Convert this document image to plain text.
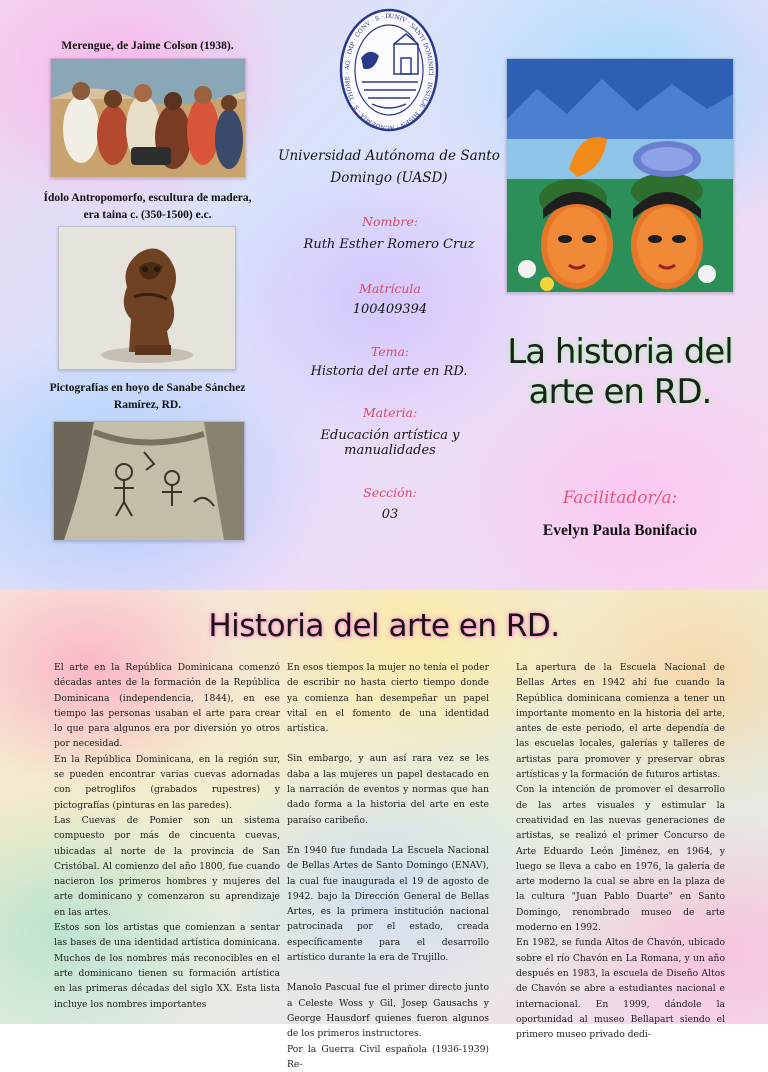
Merengue, de Jaime Colson (1938).
Ídolo Antropomorfo, escultura de madera, era taina c. (350-1500) e.c.
Pictografías en hoyo de Sanabe Sánchez Ramírez, RD.
UNIV · SANTI DOMINICI · INSULÆ · HISPN · ACADEMIA · S · THOME · AQ · IMP · CONV · S · D
Universidad Autónoma de Santo Domingo (UASD)
Nombre:
Ruth Esther Romero Cruz
Matrícula
100409394
Tema:
Historia del arte en RD.
Materia:
Educación artística y manualidades
Sección:
03
La historia del arte en RD.
Facilitador/a:
Evelyn Paula Bonifacio
Historia del arte en RD.

El arte en la República Dominicana comenzó décadas antes de la formación de la República Dominicana (independencia, 1844), en ese tiempo las personas usaban el arte para crear lo que para algunos era por diversión yo otros por necesidad.

En la República Dominicana, en la región sur, se pueden encontrar varias cuevas adornadas con petroglifos (grabados rupestres) y pictografías (pinturas en las paredes).

Las Cuevas de Pomier son un sistema compuesto por más de cincuenta cuevas, ubicadas al norte de la provincia de San Cristóbal. Al comienzo del año 1800, fue cuando nacieron los primeros hombres y mujeres del arte dominicano y comenzaron su aprendizaje en las artes.

Estos son los artistas que comienzan a sentar las bases de una identidad artística dominicana. Muchos de los nombres más reconocibles en el arte dominicano tienen su formación artística en las primeras décadas del siglo XX. Esta lista incluye los nombres importantes

En esos tiempos la mujer no tenía el poder de escribir no hasta cierto tiempo donde ya comienza han desempeñar un papel vital en el fomento de una identidad artística.

Sin embargo, y aun así rara vez se les daba a las mujeres un papel destacado en la narración de eventos y normas que han dado forma a la historia del arte en este paraíso caribeño.

En 1940 fue fundada La Escuela Nacional de Bellas Artes de Santo Domingo (ENAV), la cual fue inaugurada el 19 de agosto de 1942. bajo la Dirección General de Bellas Artes, es la primera institución nacional patrocinada por el estado, creada específicamente para el desarrollo artístico durante la era de Trujillo.

Manolo Pascual fue el primer directo junto a Celeste Woss y Gil, Josep Gausachs y George Hausdorf quienes fueron algunos de los primeros instructores.

Por la Guerra Civil española (1936-1939) Re-

La apertura de la Escuela Nacional de Bellas Artes en 1942 ahí fue cuando la República dominicana comienza a tener un importante momento en la historia del arte, antes de este periodo, el arte dependía de las escuelas locales, galerías y talleres de artistas para promover y preservar obras artísticas y la formación de futuros artistas.

Con la intención de promover el desarrollo de las artes visuales y estimular la creatividad en las nuevas generaciones de artistas, se realizó el primer Concurso de Arte Eduardo León Jiménez, en 1964, y luego se lleva a cabo en 1976, la galería de arte moderno la cual se abre en la plaza de la cultura "Juan Pablo Duarte" en Santo Domingo, renombrado museo de arte moderno en 1992.

En 1982, se funda Altos de Chavón, ubicado sobre el río Chavón en La Romana, y un año después en 1983, la escuela de Diseño Altos de Chavón se abre a estudiantes nacional e internacional. En 1999, dándole la oportunidad al museo Bellapart siendo el primero museo privado dedi-
